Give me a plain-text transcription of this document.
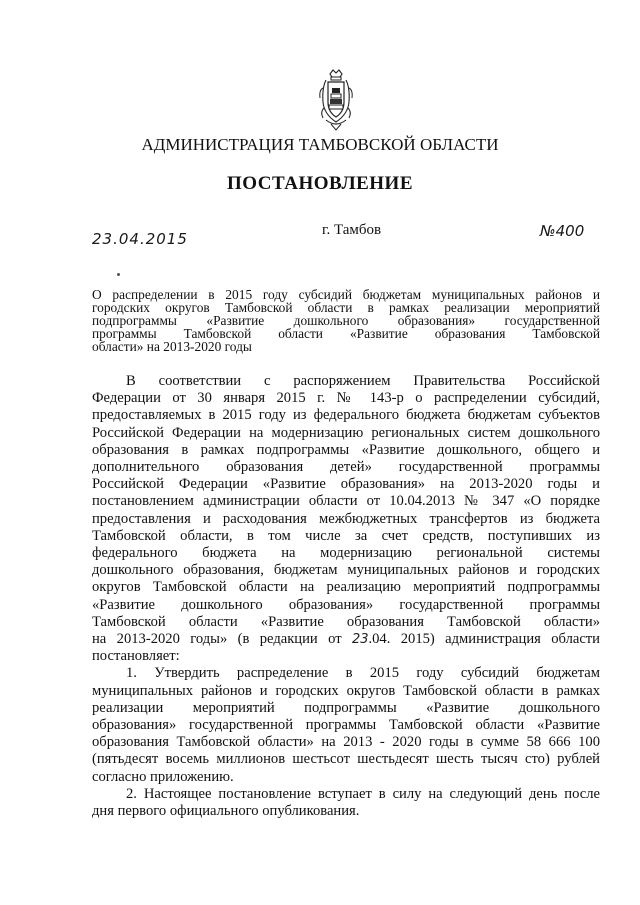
АДМИНИСТРАЦИЯ ТАМБОВСКОЙ ОБЛАСТИ
ПОСТАНОВЛЕНИЕ
23.04.2015	г. Тамбов	№400
О распределении в 2015 году субсидий бюджетам муниципальных районов и
городских округов Тамбовской области в рамках реализации мероприятий
подпрограммы «Развитие дошкольного образования» государственной
программы Тамбовской области «Развитие образования Тамбовской
области» на 2013-2020 годы
В соответствии с распоряжением Правительства Российской
Федерации от 30 января 2015 г. № 143-р о распределении субсидий,
предоставляемых в 2015 году из федерального бюджета бюджетам субъектов
Российской Федерации на модернизацию региональных систем дошкольного
образования в рамках подпрограммы «Развитие дошкольного, общего и
дополнительного образования детей» государственной программы
Российской Федерации «Развитие образования» на 2013-2020 годы и
постановлением администрации области от 10.04.2013 № 347 «О порядке
предоставления и расходования межбюджетных трансфертов из бюджета
Тамбовской области, в том числе за счет средств, поступивших из
федерального бюджета на модернизацию региональной системы
дошкольного образования, бюджетам муниципальных районов и городских
округов Тамбовской области на реализацию мероприятий подпрограммы
«Развитие дошкольного образования» государственной программы
Тамбовской области «Развитие образования Тамбовской области»
на 2013-2020 годы» (в редакции от 23.04. 2015) администрация области
постановляет:
1. Утвердить распределение в 2015 году субсидий бюджетам
муниципальных районов и городских округов Тамбовской области в рамках
реализации мероприятий подпрограммы «Развитие дошкольного
образования» государственной программы Тамбовской области «Развитие
образования Тамбовской области» на 2013 - 2020 годы в сумме 58 666 100
(пятьдесят восемь миллионов шестьсот шестьдесят шесть тысяч сто) рублей
согласно приложению.
2. Настоящее постановление вступает в силу на следующий день после
дня первого официального опубликования.
